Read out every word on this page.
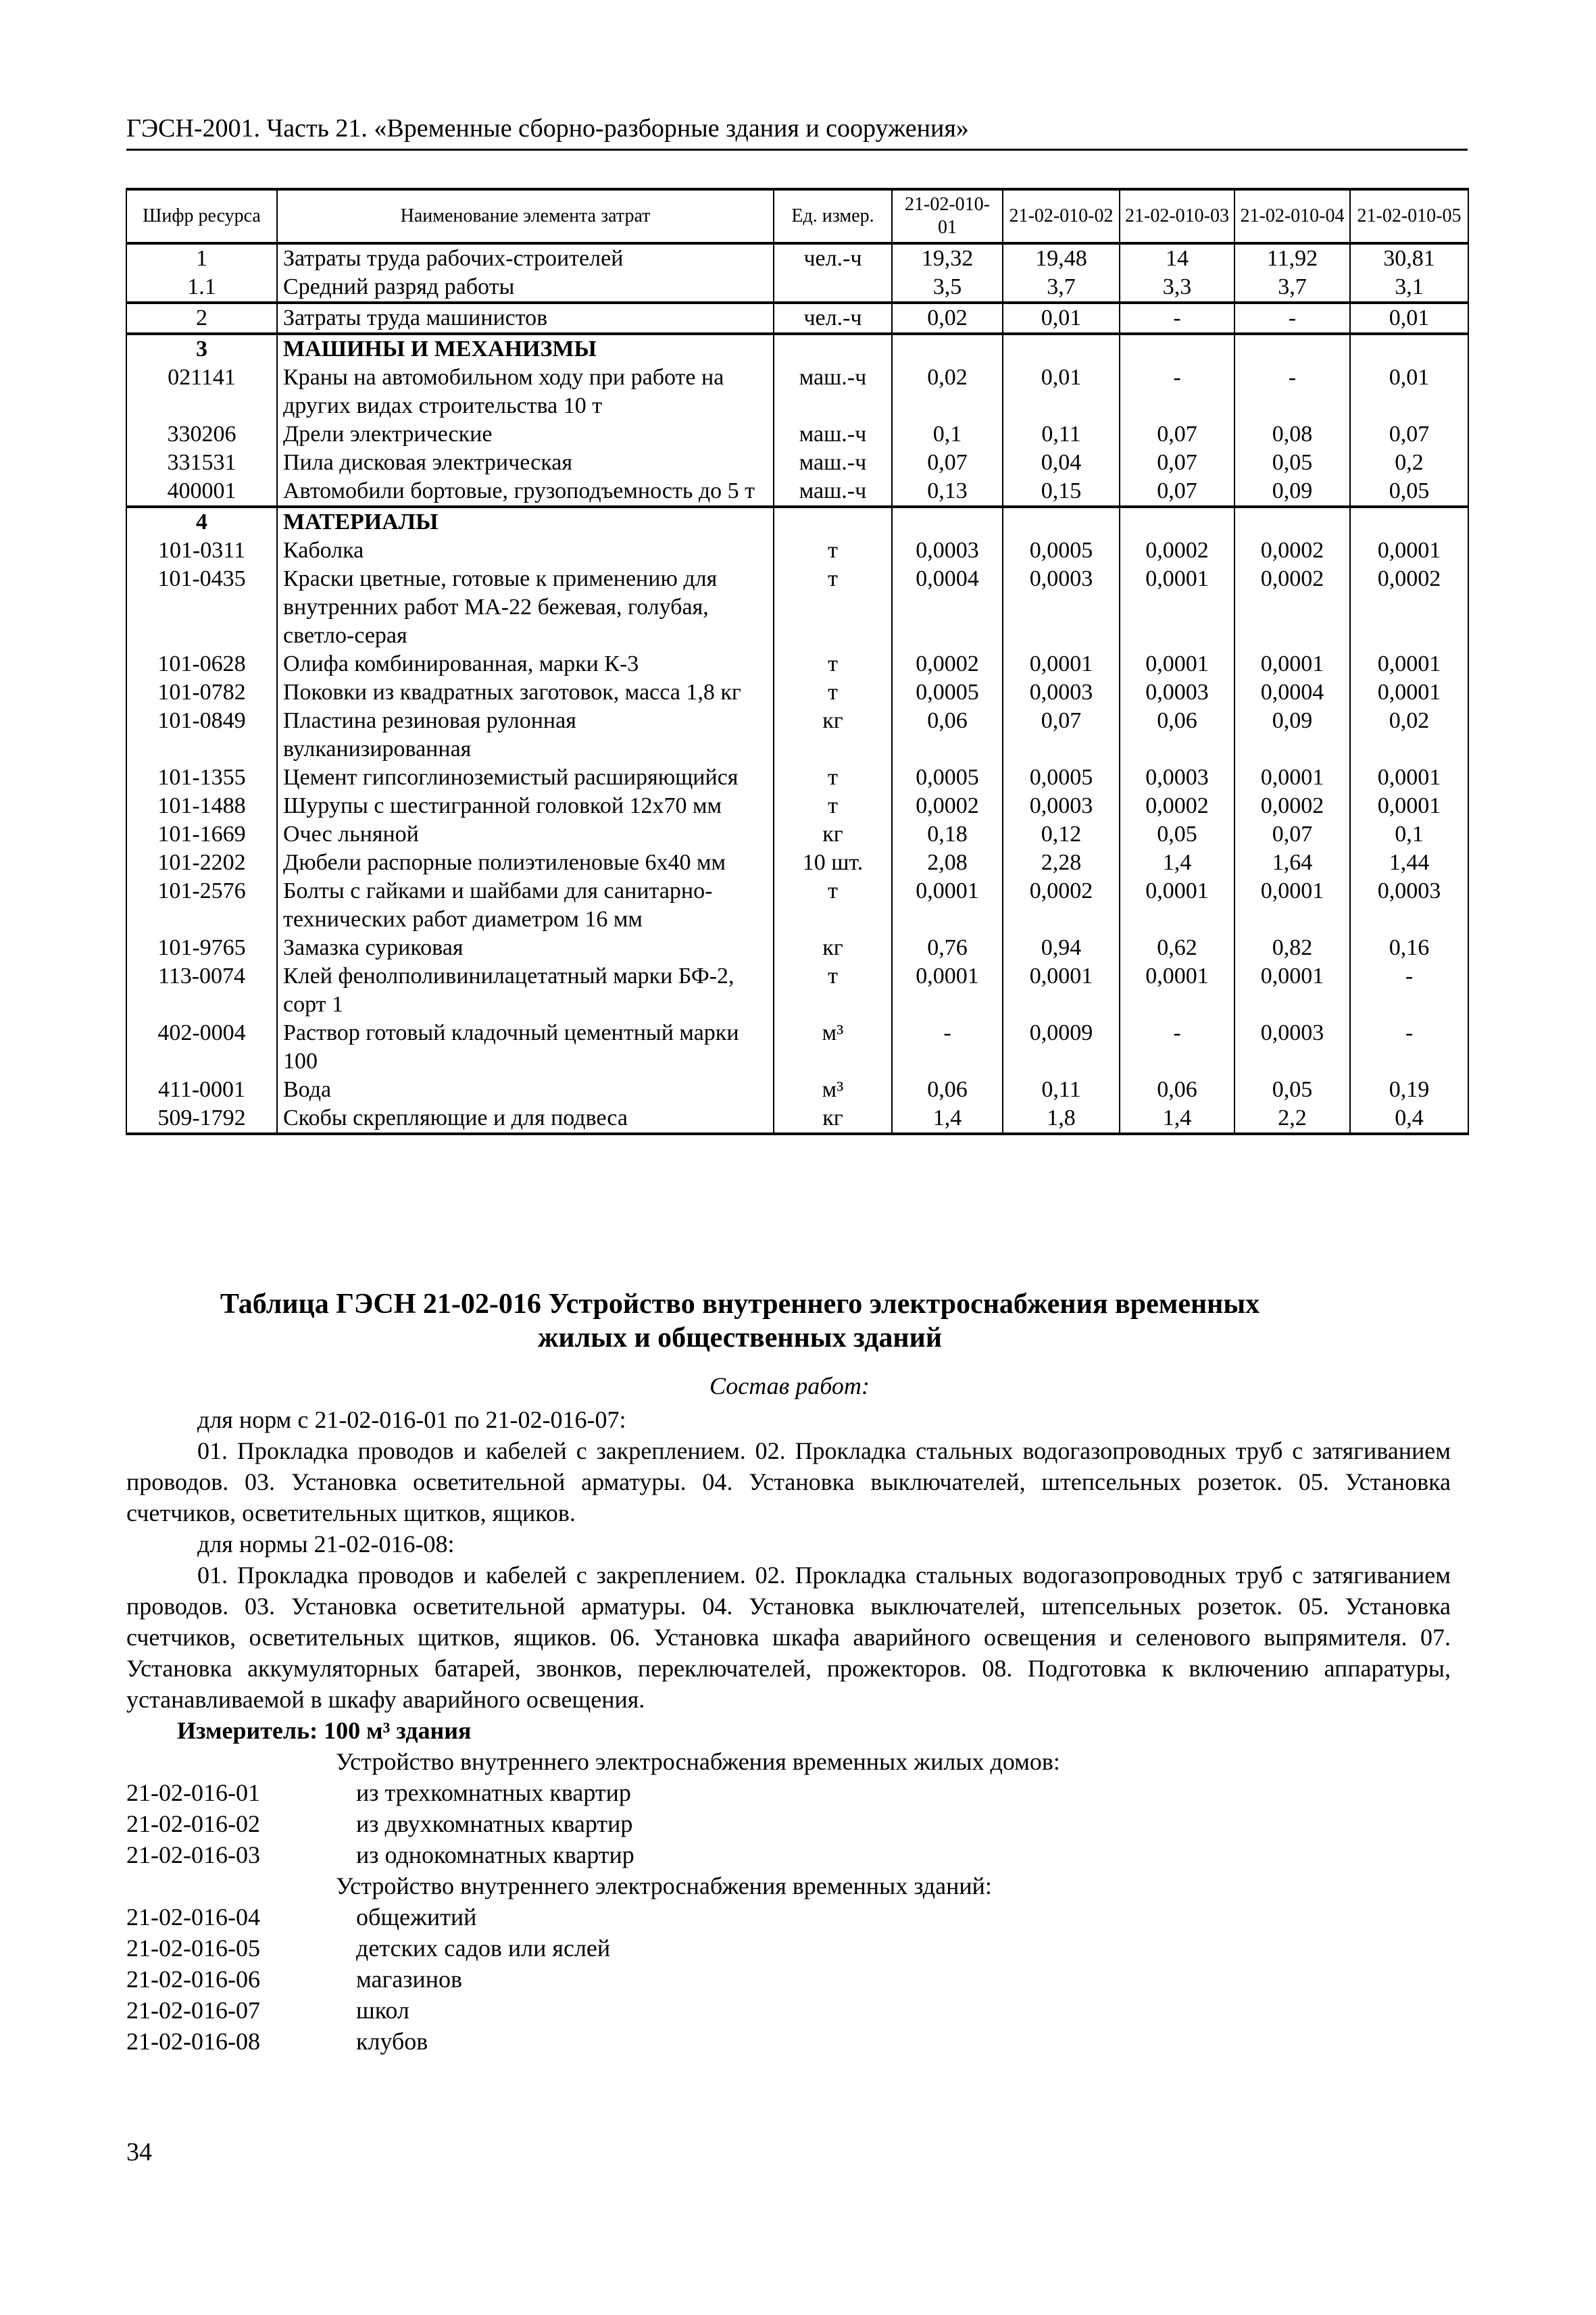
ГЭСН-2001. Часть 21. «Временные сборно-разборные здания и сооружения»
Шифр ресурса	Наименование элемента затрат	Ед. измер.	21-02-010-01	21-02-010-02	21-02-010-03	21-02-010-04	21-02-010-05
1	Затраты труда рабочих-строителей	чел.-ч	19,32	19,48	14	11,92	30,81
1.1	Средний разряд работы		3,5	3,7	3,3	3,7	3,1
2	Затраты труда машинистов	чел.-ч	0,02	0,01	-	-	0,01
3	МАШИНЫ И МЕХАНИЗМЫ						
021141	Краны на автомобильном ходу при работе на других видах строительства 10 т	маш.-ч	0,02	0,01	-	-	0,01
330206	Дрели электрические	маш.-ч	0,1	0,11	0,07	0,08	0,07
331531	Пила дисковая электрическая	маш.-ч	0,07	0,04	0,07	0,05	0,2
400001	Автомобили бортовые, грузоподъемность до 5 т	маш.-ч	0,13	0,15	0,07	0,09	0,05
4	МАТЕРИАЛЫ						
101-0311	Каболка	т	0,0003	0,0005	0,0002	0,0002	0,0001
101-0435	Краски цветные, готовые к применению для внутренних работ МА-22 бежевая, голубая, светло-серая	т	0,0004	0,0003	0,0001	0,0002	0,0002
101-0628	Олифа комбинированная, марки К-3	т	0,0002	0,0001	0,0001	0,0001	0,0001
101-0782	Поковки из квадратных заготовок, масса 1,8 кг	т	0,0005	0,0003	0,0003	0,0004	0,0001
101-0849	Пластина резиновая рулонная вулканизированная	кг	0,06	0,07	0,06	0,09	0,02
101-1355	Цемент гипсоглиноземистый расширяющийся	т	0,0005	0,0005	0,0003	0,0001	0,0001
101-1488	Шурупы с шестигранной головкой 12х70 мм	т	0,0002	0,0003	0,0002	0,0002	0,0001
101-1669	Очес льняной	кг	0,18	0,12	0,05	0,07	0,1
101-2202	Дюбели распорные полиэтиленовые 6х40 мм	10 шт.	2,08	2,28	1,4	1,64	1,44
101-2576	Болты с гайками и шайбами для санитарно-технических работ диаметром 16 мм	т	0,0001	0,0002	0,0001	0,0001	0,0003
101-9765	Замазка суриковая	кг	0,76	0,94	0,62	0,82	0,16
113-0074	Клей фенолполивинилацетатный марки БФ-2, сорт 1	т	0,0001	0,0001	0,0001	0,0001	-
402-0004	Раствор готовый кладочный цементный марки 100	м³	-	0,0009	-	0,0003	-
411-0001	Вода	м³	0,06	0,11	0,06	0,05	0,19
509-1792	Скобы скрепляющие и для подвеса	кг	1,4	1,8	1,4	2,2	0,4
Таблица ГЭСН 21-02-016 Устройство внутреннего электроснабжения временных
жилых и общественных зданий
Состав работ:

для норм с 21-02-016-01 по 21-02-016-07:

01. Прокладка проводов и кабелей с закреплением. 02. Прокладка стальных водогазопроводных труб с затягиванием проводов. 03. Установка осветительной арматуры. 04. Установка выключателей, штепсельных розеток. 05. Установка счетчиков, осветительных щитков, ящиков.

для нормы 21-02-016-08:

01. Прокладка проводов и кабелей с закреплением. 02. Прокладка стальных водогазопроводных труб с затягиванием проводов. 03. Установка осветительной арматуры. 04. Установка выключателей, штепсельных розеток. 05. Установка счетчиков, осветительных щитков, ящиков. 06. Установка шкафа аварийного освещения и селенового выпрямителя. 07. Установка аккумуляторных батарей, звонков, переключателей, прожекторов. 08. Подготовка к включению аппаратуры, устанавливаемой в шкафу аварийного освещения.

Измеритель: 100 м³ здания
Устройство внутреннего электроснабжения временных жилых домов:
21-02-016-01	из трехкомнатных квартир
21-02-016-02	из двухкомнатных квартир
21-02-016-03	из однокомнатных квартир
Устройство внутреннего электроснабжения временных зданий:
21-02-016-04	общежитий
21-02-016-05	детских садов или яслей
21-02-016-06	магазинов
21-02-016-07	школ
21-02-016-08	клубов
34
